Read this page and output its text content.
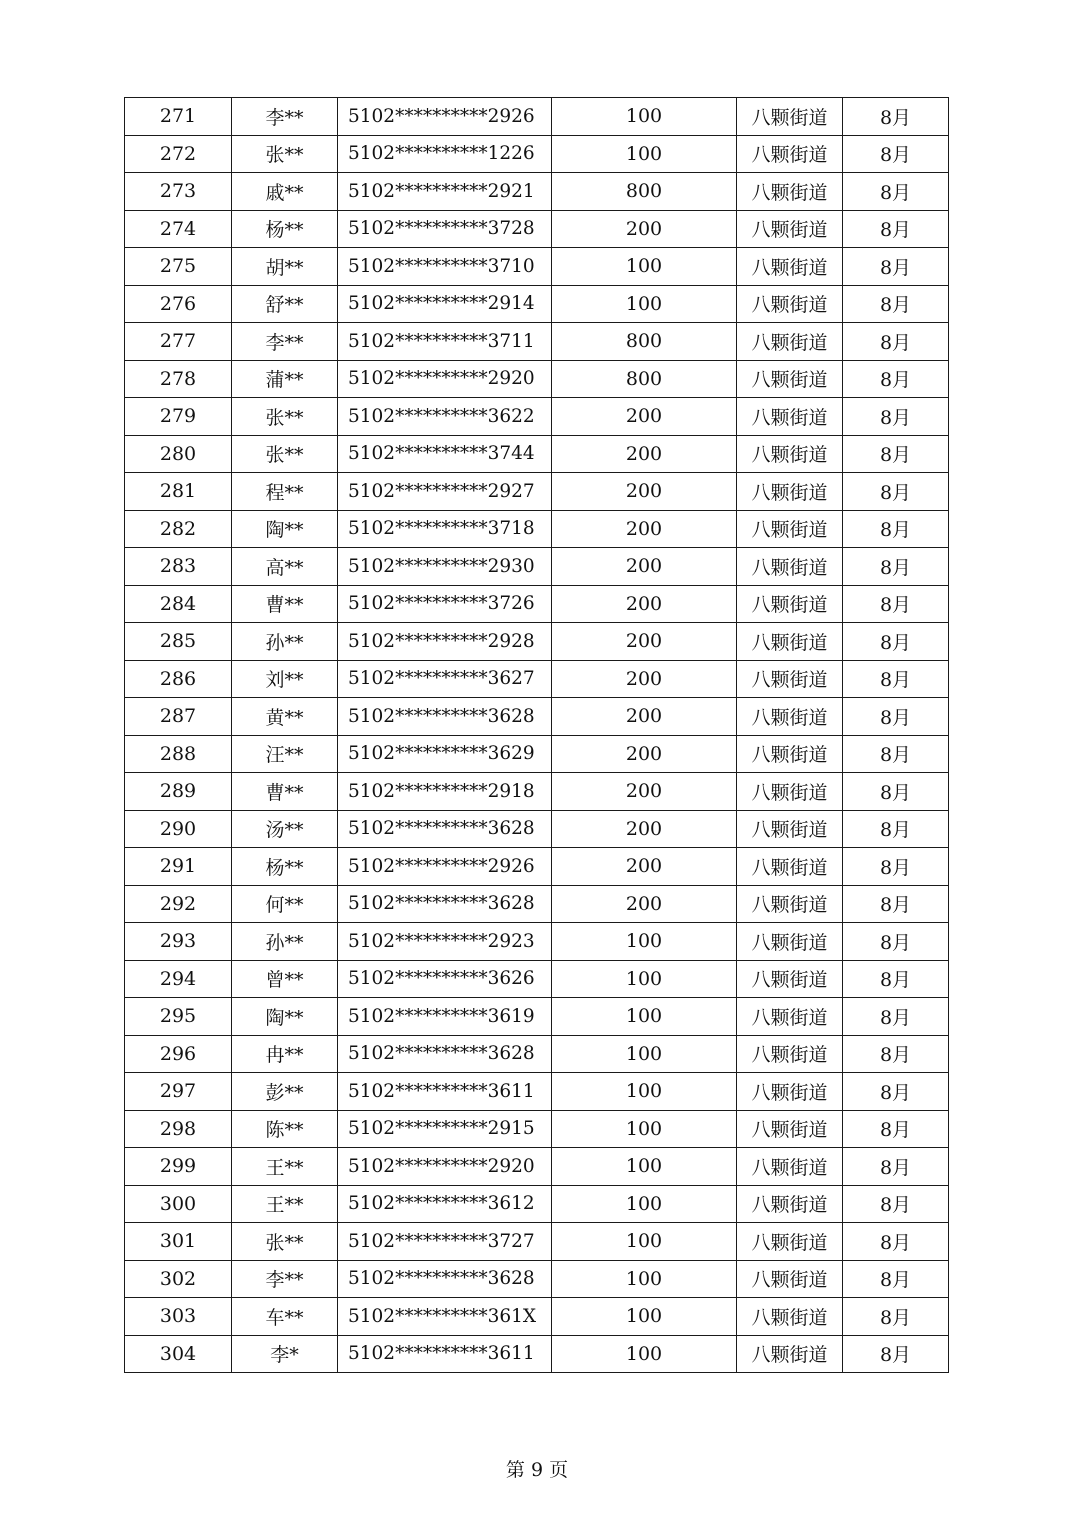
271	李**	5102**********2926	100	八颗街道	8月
272	张**	5102**********1226	100	八颗街道	8月
273	戚**	5102**********2921	800	八颗街道	8月
274	杨**	5102**********3728	200	八颗街道	8月
275	胡**	5102**********3710	100	八颗街道	8月
276	舒**	5102**********2914	100	八颗街道	8月
277	李**	5102**********3711	800	八颗街道	8月
278	蒲**	5102**********2920	800	八颗街道	8月
279	张**	5102**********3622	200	八颗街道	8月
280	张**	5102**********3744	200	八颗街道	8月
281	程**	5102**********2927	200	八颗街道	8月
282	陶**	5102**********3718	200	八颗街道	8月
283	高**	5102**********2930	200	八颗街道	8月
284	曹**	5102**********3726	200	八颗街道	8月
285	孙**	5102**********2928	200	八颗街道	8月
286	刘**	5102**********3627	200	八颗街道	8月
287	黄**	5102**********3628	200	八颗街道	8月
288	汪**	5102**********3629	200	八颗街道	8月
289	曹**	5102**********2918	200	八颗街道	8月
290	汤**	5102**********3628	200	八颗街道	8月
291	杨**	5102**********2926	200	八颗街道	8月
292	何**	5102**********3628	200	八颗街道	8月
293	孙**	5102**********2923	100	八颗街道	8月
294	曾**	5102**********3626	100	八颗街道	8月
295	陶**	5102**********3619	100	八颗街道	8月
296	冉**	5102**********3628	100	八颗街道	8月
297	彭**	5102**********3611	100	八颗街道	8月
298	陈**	5102**********2915	100	八颗街道	8月
299	王**	5102**********2920	100	八颗街道	8月
300	王**	5102**********3612	100	八颗街道	8月
301	张**	5102**********3727	100	八颗街道	8月
302	李**	5102**********3628	100	八颗街道	8月
303	车**	5102**********361X	100	八颗街道	8月
304	李*	5102**********3611	100	八颗街道	8月
第 9 页
